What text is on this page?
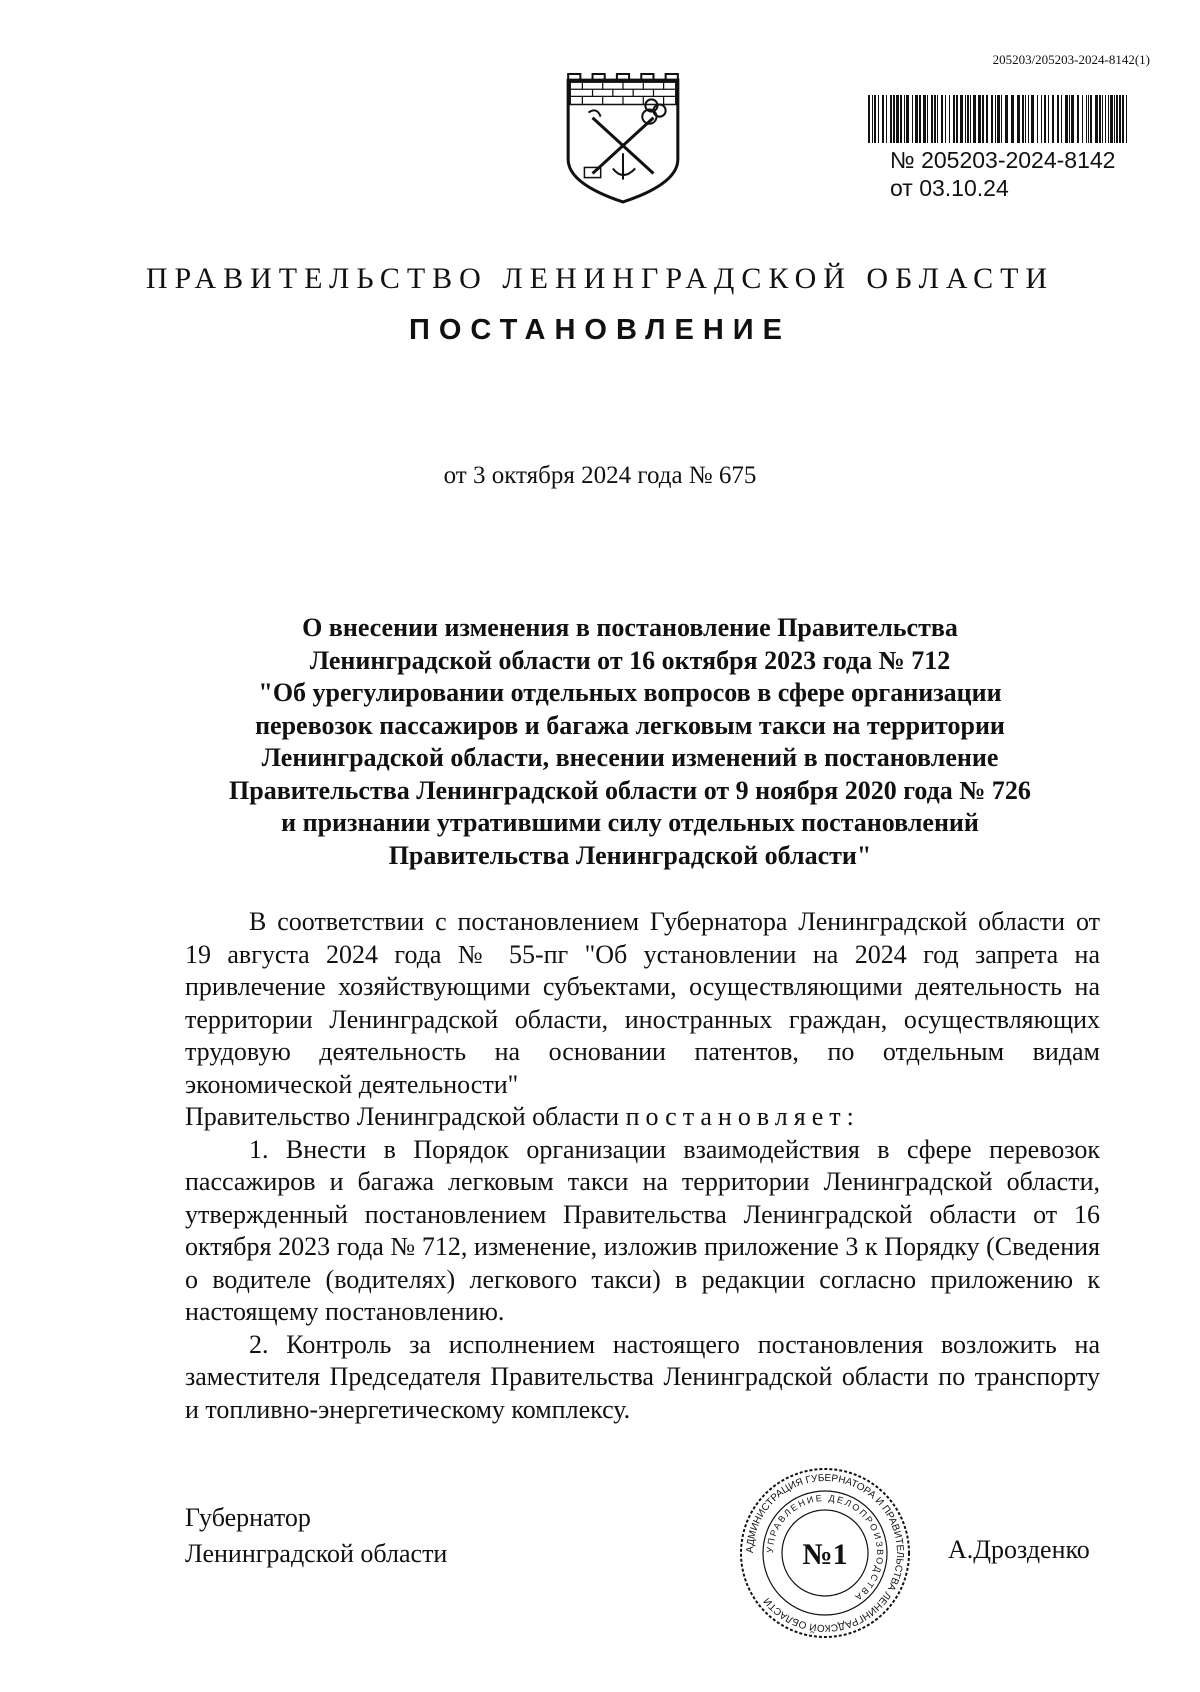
205203/205203-2024-8142(1)
№ 205203-2024-8142
от 03.10.24
ПРАВИТЕЛЬСТВО ЛЕНИНГРАДСКОЙ ОБЛАСТИ
ПОСТАНОВЛЕНИЕ
от 3 октября 2024 года № 675
О внесении изменения в постановление Правительства
Ленинградской области от 16 октября 2023 года № 712
"Об урегулировании отдельных вопросов в сфере организации
перевозок пассажиров и багажа легковым такси на территории
Ленинградской области, внесении изменений в постановление
Правительства Ленинградской области от 9 ноября 2020 года № 726
и признании утратившими силу отдельных постановлений
Правительства Ленинградской области"

В соответствии с постановлением Губернатора Ленинградской области от 19 августа 2024 года № 55-пг "Об установлении на 2024 год запрета на привлечение хозяйствующими субъектами, осуществляющими деятельность на территории Ленинградской области, иностранных граждан, осуществляющих трудовую деятельность на основании патентов, по отдельным видам экономической деятельности"

Правительство Ленинградской области постановляет:

1. Внести в Порядок организации взаимодействия в сфере перевозок пассажиров и багажа легковым такси на территории Ленинградской области, утвержденный постановлением Правительства Ленинградской области от 16 октября 2023 года № 712, изменение, изложив приложение 3 к Порядку (Сведения о водителе (водителях) легкового такси) в редакции согласно приложению к настоящему постановлению.

2. Контроль за исполнением настоящего постановления возложить на заместителя Председателя Правительства Ленинградской области по транспорту и топливно-энергетическому комплексу.

Губернатор
Ленинградской области	АДМИНИСТРАЦИЯ ГУБЕРНАТОРА И ПРАВИТЕЛЬСТВА ЛЕНИНГРАДСКОЙ ОБЛАСТИ
УПРАВЛЕНИЕ ДЕЛОПРОИЗВОДСТВА
№1	А.Дрозденко
